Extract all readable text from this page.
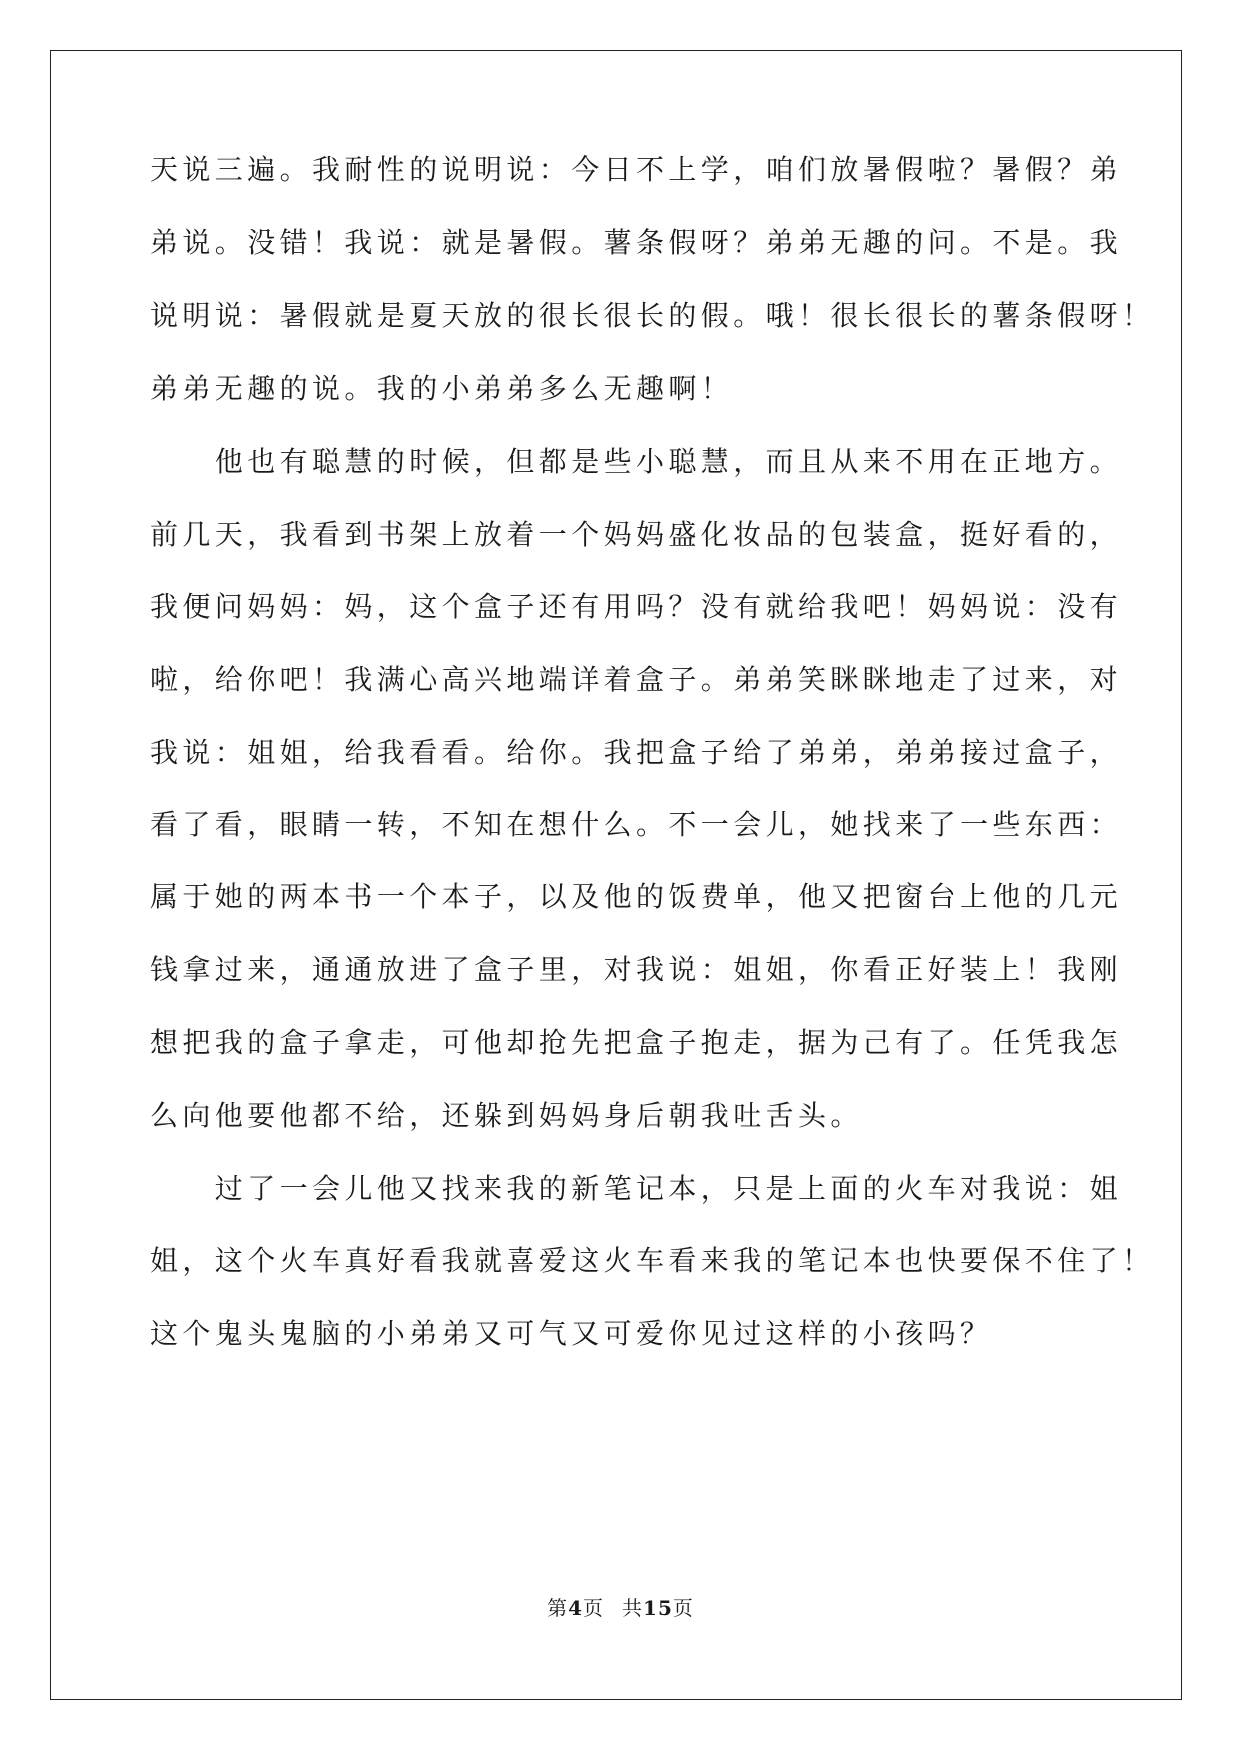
天说三遍。我耐性的说明说：今日不上学，咱们放暑假啦？暑假？弟
弟说。没错！我说：就是暑假。薯条假呀？弟弟无趣的问。不是。我
说明说：暑假就是夏天放的很长很长的假。哦！很长很长的薯条假呀！
弟弟无趣的说。我的小弟弟多么无趣啊！
　　他也有聪慧的时候，但都是些小聪慧，而且从来不用在正地方。
前几天，我看到书架上放着一个妈妈盛化妆品的包装盒，挺好看的，
我便问妈妈：妈，这个盒子还有用吗？没有就给我吧！妈妈说：没有
啦，给你吧！我满心高兴地端详着盒子。弟弟笑眯眯地走了过来，对
我说：姐姐，给我看看。给你。我把盒子给了弟弟，弟弟接过盒子，
看了看，眼睛一转，不知在想什么。不一会儿，她找来了一些东西：
属于她的两本书一个本子，以及他的饭费单，他又把窗台上他的几元
钱拿过来，通通放进了盒子里，对我说：姐姐，你看正好装上！我刚
想把我的盒子拿走，可他却抢先把盒子抱走，据为己有了。任凭我怎
么向他要他都不给，还躲到妈妈身后朝我吐舌头。
　　过了一会儿他又找来我的新笔记本，只是上面的火车对我说：姐
姐，这个火车真好看我就喜爱这火车看来我的笔记本也快要保不住了！
这个鬼头鬼脑的小弟弟又可气又可爱你见过这样的小孩吗？
第4页 共15页
